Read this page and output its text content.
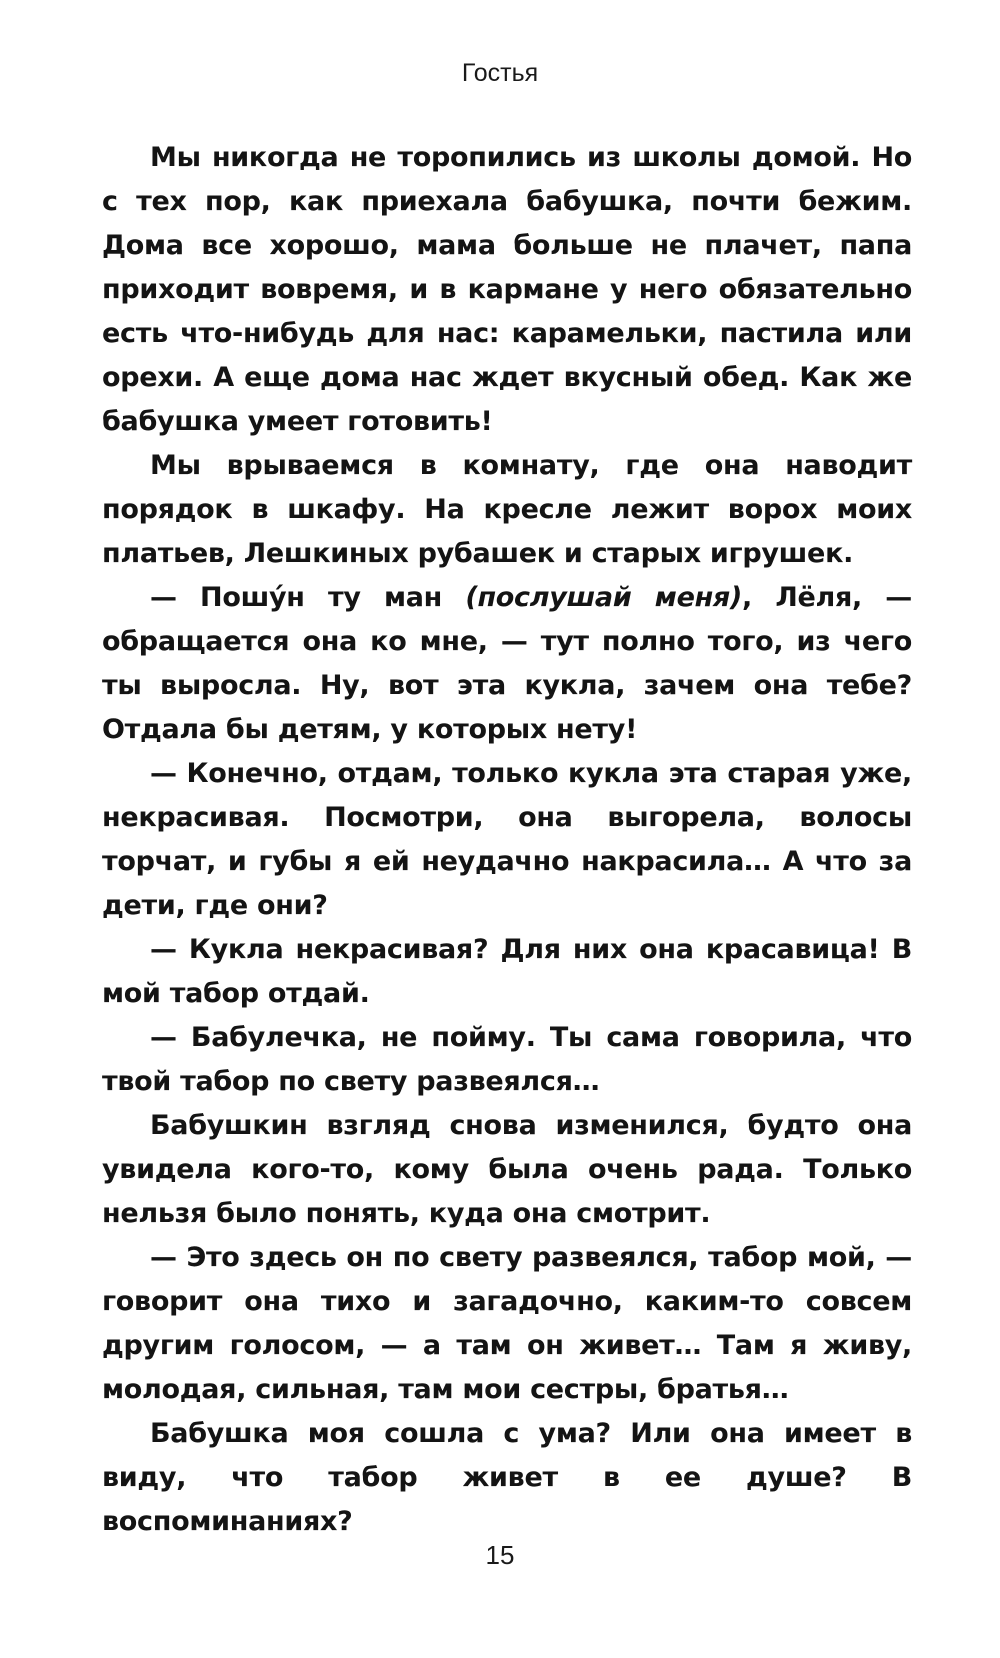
Гостья

Мы никогда не торопились из школы домой. Но с тех пор, как приехала бабушка, почти бежим. Дома все хорошо, мама больше не плачет, папа приходит вовремя, и в кармане у него обязательно есть что-нибудь для нас: карамельки, пастила или орехи. А еще дома нас ждет вкусный обед. Как же бабушка умеет готовить!

Мы врываемся в комнату, где она наводит порядок в шкафу. На кресле лежит ворох моих платьев, Лешкиных рубашек и старых игрушек.

— Пошу́н ту ман (послушай меня), Лёля, — обращается она ко мне, — тут полно того, из чего ты выросла. Ну, вот эта кукла, зачем она тебе? Отдала бы детям, у которых нету!

— Конечно, отдам, только кукла эта старая уже, некрасивая. Посмотри, она выгорела, волосы торчат, и губы я ей неудачно накрасила… А что за дети, где они?

— Кукла некрасивая? Для них она красавица! В мой табор отдай.

— Бабулечка, не пойму. Ты сама говорила, что твой табор по свету развеялся…

Бабушкин взгляд снова изменился, будто она увидела кого-то, кому была очень рада. Только нельзя было понять, куда она смотрит.

— Это здесь он по свету развеялся, табор мой, — говорит она тихо и загадочно, каким-то совсем другим голосом, — а там он живет… Там я живу, молодая, сильная, там мои сестры, братья…

Бабушка моя сошла с ума? Или она имеет в виду, что табор живет в ее душе? В воспоминаниях?

15
